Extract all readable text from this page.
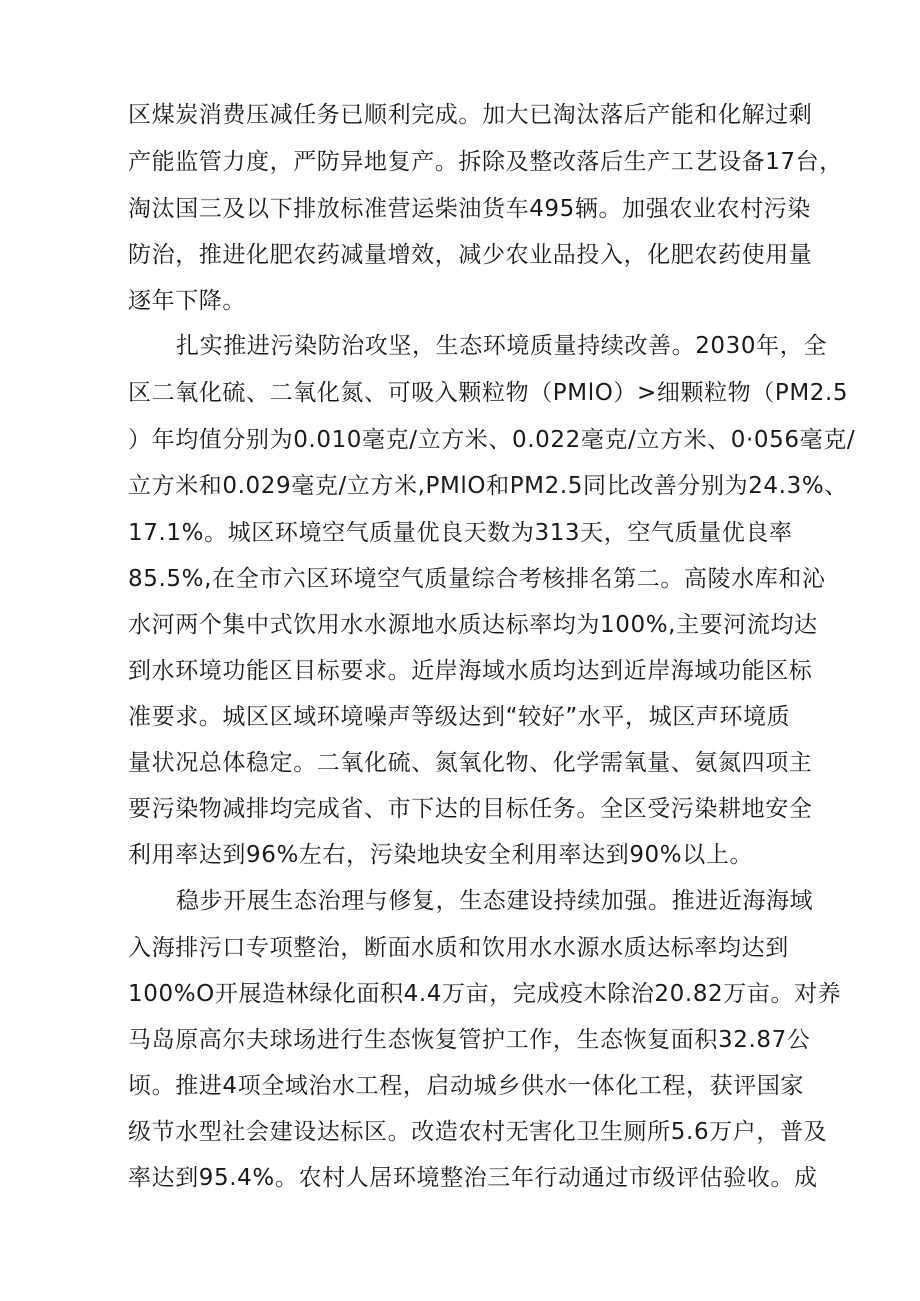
区煤炭消费压减任务已顺利完成。加大已淘汰落后产能和化解过剩
产能监管力度，严防异地复产。拆除及整改落后生产工艺设备17台，
淘汰国三及以下排放标准营运柴油货车495辆。加强农业农村污染
防治，推进化肥农药减量增效，减少农业品投入，化肥农药使用量
逐年下降。
扎实推进污染防治攻坚，生态环境质量持续改善。2030年，全
区二氧化硫、二氧化氮、可吸入颗粒物（PMlO）>细颗粒物（PM2.5
）年均值分别为0.010毫克/立方米、0.022毫克/立方米、0·056毫克/
立方米和0.029毫克/立方米,PMlO和PM2.5同比改善分别为24.3%、
17.1%。城区环境空气质量优良天数为313天，空气质量优良率
85.5%,在全市六区环境空气质量综合考核排名第二。高陵水库和沁
水河两个集中式饮用水水源地水质达标率均为100%,主要河流均达
到水环境功能区目标要求。近岸海域水质均达到近岸海域功能区标
准要求。城区区域环境噪声等级达到“较好”水平，城区声环境质
量状况总体稳定。二氧化硫、氮氧化物、化学需氧量、氨氮四项主
要污染物减排均完成省、市下达的目标任务。全区受污染耕地安全
利用率达到96%左右，污染地块安全利用率达到90%以上。
稳步开展生态治理与修复，生态建设持续加强。推进近海海域
入海排污口专项整治，断面水质和饮用水水源水质达标率均达到
100%O开展造林绿化面积4.4万亩，完成疫木除治20.82万亩。对养
马岛原高尔夫球场进行生态恢复管护工作，生态恢复面积32.87公
顷。推进4项全域治水工程，启动城乡供水一体化工程，获评国家
级节水型社会建设达标区。改造农村无害化卫生厕所5.6万户，普及
率达到95.4%。农村人居环境整治三年行动通过市级评估验收。成
